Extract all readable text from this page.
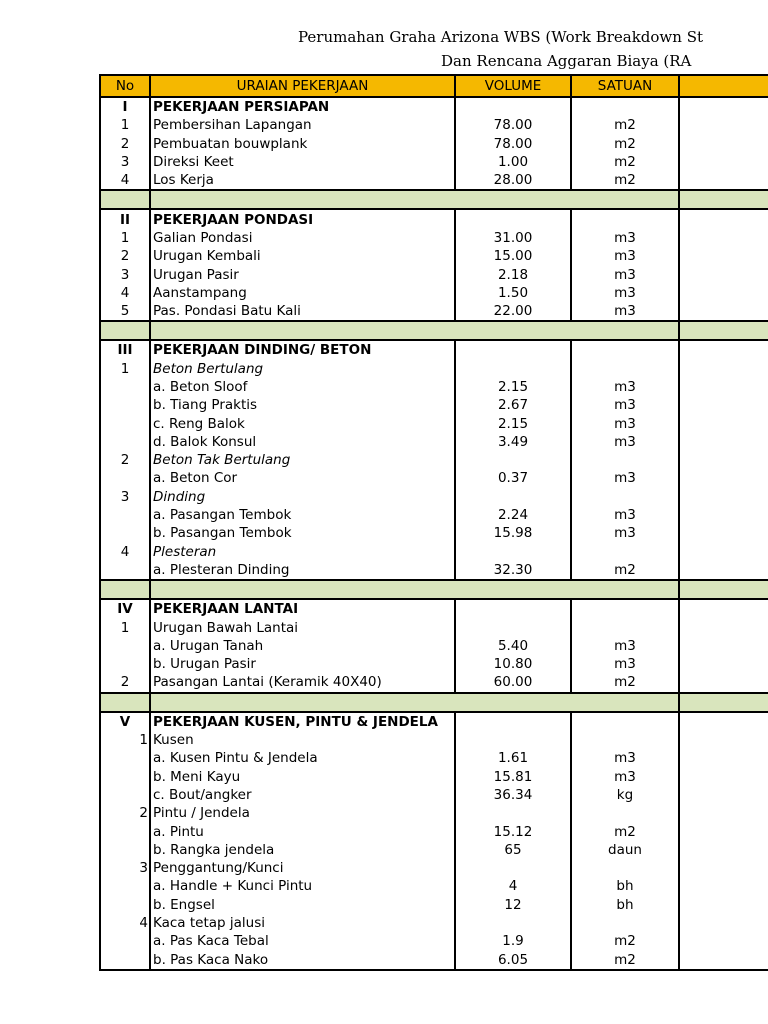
Perumahan Graha Arizona WBS (Work Breakdown St
Dan Rencana Aggaran Biaya (RA
No	URAIAN PEKERJAAN	VOLUME	SATUAN	
I	PEKERJAAN PERSIAPAN			
1	Pembersihan Lapangan	78.00	m2	
2	Pembuatan bouwplank	78.00	m2	
3	Direksi Keet	1.00	m2	
4	Los Kerja	28.00	m2	

II	PEKERJAAN PONDASI			
1	Galian Pondasi	31.00	m3	
2	Urugan Kembali	15.00	m3	
3	Urugan Pasir	2.18	m3	
4	Aanstampang	1.50	m3	
5	Pas. Pondasi Batu Kali	22.00	m3	

III	PEKERJAAN DINDING/ BETON			
1	Beton Bertulang			
	a. Beton Sloof	2.15	m3	
	b. Tiang Praktis	2.67	m3	
	c. Reng Balok	2.15	m3	
	d. Balok Konsul	3.49	m3	
2	Beton Tak Bertulang			
	a. Beton Cor	0.37	m3	
3	Dinding			
	a. Pasangan Tembok	2.24	m3	
	b. Pasangan Tembok	15.98	m3	
4	Plesteran			
	a. Plesteran Dinding	32.30	m2	

IV	PEKERJAAN LANTAI			
1	Urugan Bawah Lantai			
	a. Urugan Tanah	5.40	m3	
	b. Urugan Pasir	10.80	m3	
2	Pasangan Lantai (Keramik 40X40)	60.00	m2	

V	PEKERJAAN KUSEN, PINTU & JENDELA			
1	Kusen			
	a. Kusen Pintu & Jendela	1.61	m3	
	b. Meni Kayu	15.81	m3	
	c. Bout/angker	36.34	kg	
2	Pintu / Jendela			
	a. Pintu	15.12	m2	
	b. Rangka jendela	65	daun	
3	Penggantung/Kunci			
	a. Handle + Kunci Pintu	4	bh	
	b. Engsel	12	bh	
4	Kaca tetap jalusi			
	a. Pas Kaca Tebal	1.9	m2	
	b. Pas Kaca Nako	6.05	m2	
